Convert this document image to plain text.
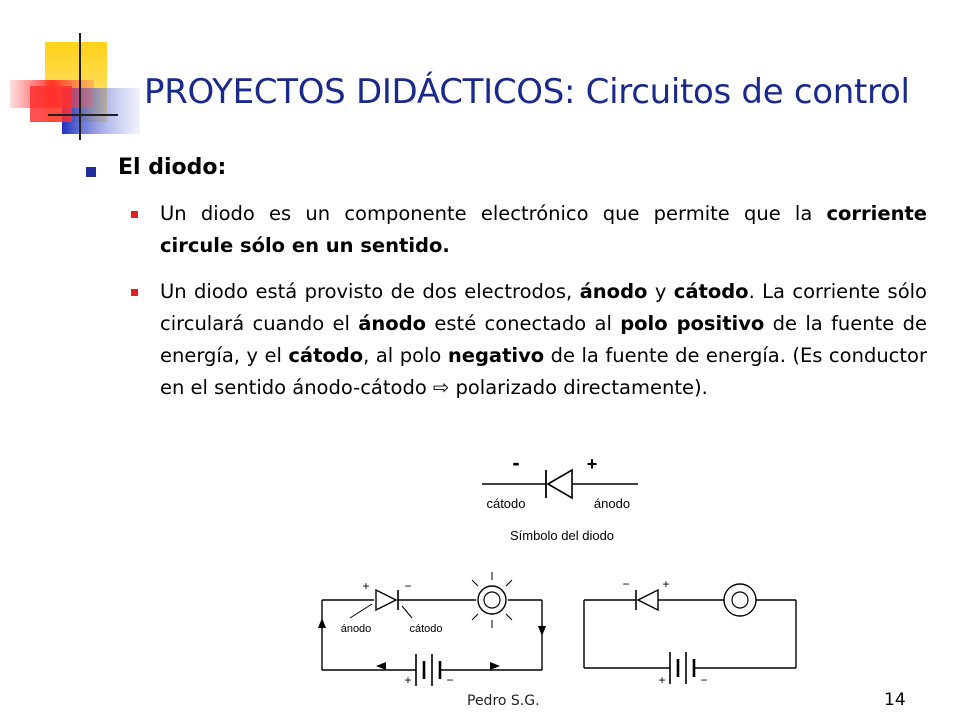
PROYECTOS DIDÁCTICOS: Circuitos de control
El diodo:
Un diodo es un componente electrónico que permite que la corriente circule sólo en un sentido.
Un diodo está provisto de dos electrodos, ánodo y cátodo. La corriente sólo circulará cuando el ánodo esté conectado al polo positivo de la fuente de energía, y el cátodo, al polo negativo de la fuente de energía. (Es conductor en el sentido ánodo-cátodo ⇨ polarizado directamente).
-	+
cátodo	ánodo
Símbolo del diodo
+	−
ánodo	cátodo
+	−
−	+
+	−
Pedro S.G.	14
